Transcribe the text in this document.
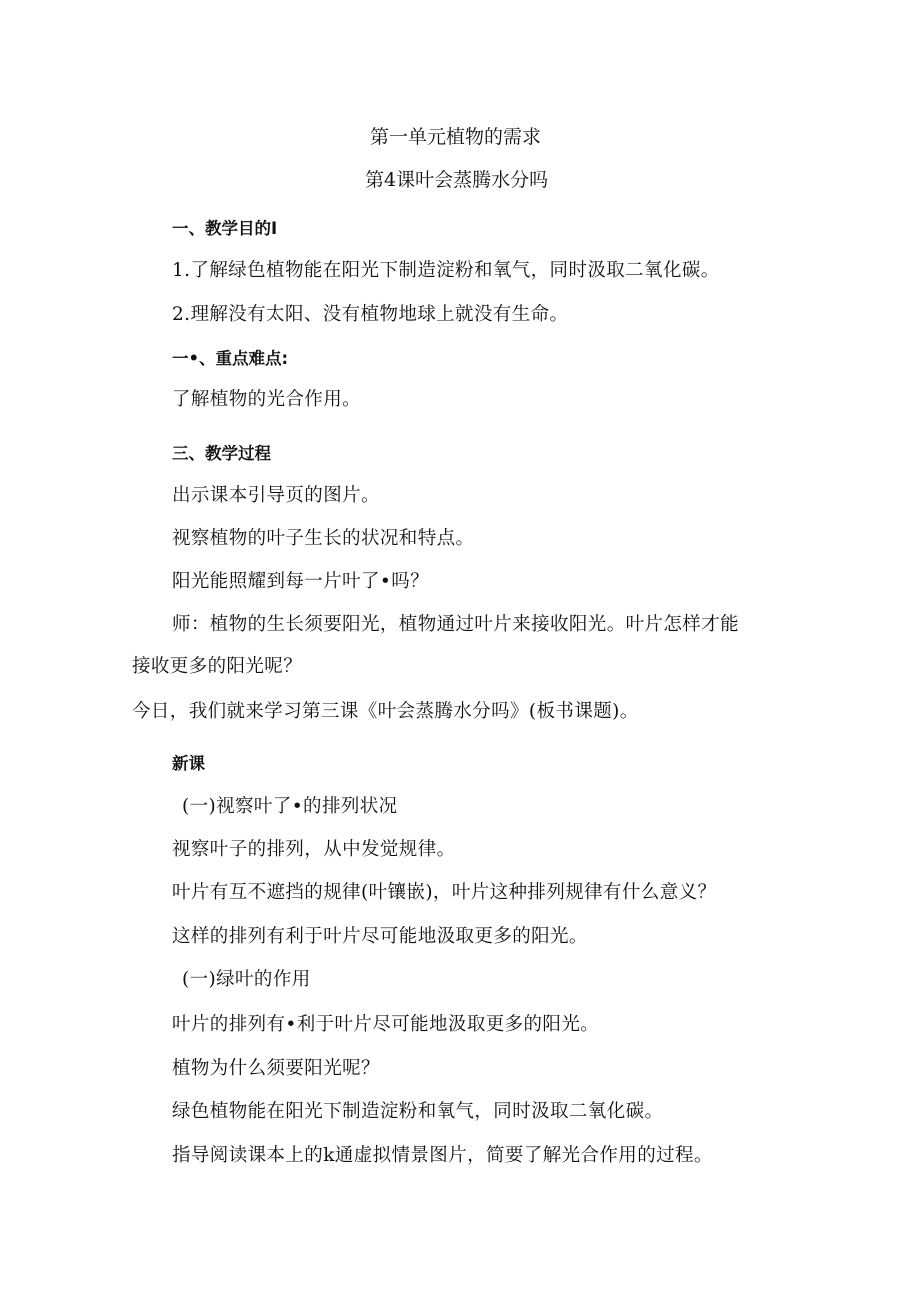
第一单元植物的需求
第4课叶会蒸腾水分吗
一、教学目的I
1.了解绿色植物能在阳光下制造淀粉和氧气，同时汲取二氧化碳。
2.理解没有太阳、没有植物地球上就没有生命。
一•、重点难点:
了解植物的光合作用。
三、教学过程
出示课本引导页的图片。
视察植物的叶子生长的状况和特点。
阳光能照耀到每一片叶了•吗？
师：植物的生长须要阳光，植物通过叶片来接收阳光。叶片怎样才能
接收更多的阳光呢？
今日，我们就来学习第三课《叶会蒸腾水分吗》(板书课题)。
新课
(一)视察叶了•的排列状况
视察叶子的排列，从中发觉规律。
叶片有互不遮挡的规律(叶镶嵌)，叶片这种排列规律有什么意义？
这样的排列有利于叶片尽可能地汲取更多的阳光。
(一)绿叶的作用
叶片的排列有•利于叶片尽可能地汲取更多的阳光。
植物为什么须要阳光呢？
绿色植物能在阳光下制造淀粉和氧气，同时汲取二氧化碳。
指导阅读课本上的k通虚拟情景图片，简要了解光合作用的过程。
